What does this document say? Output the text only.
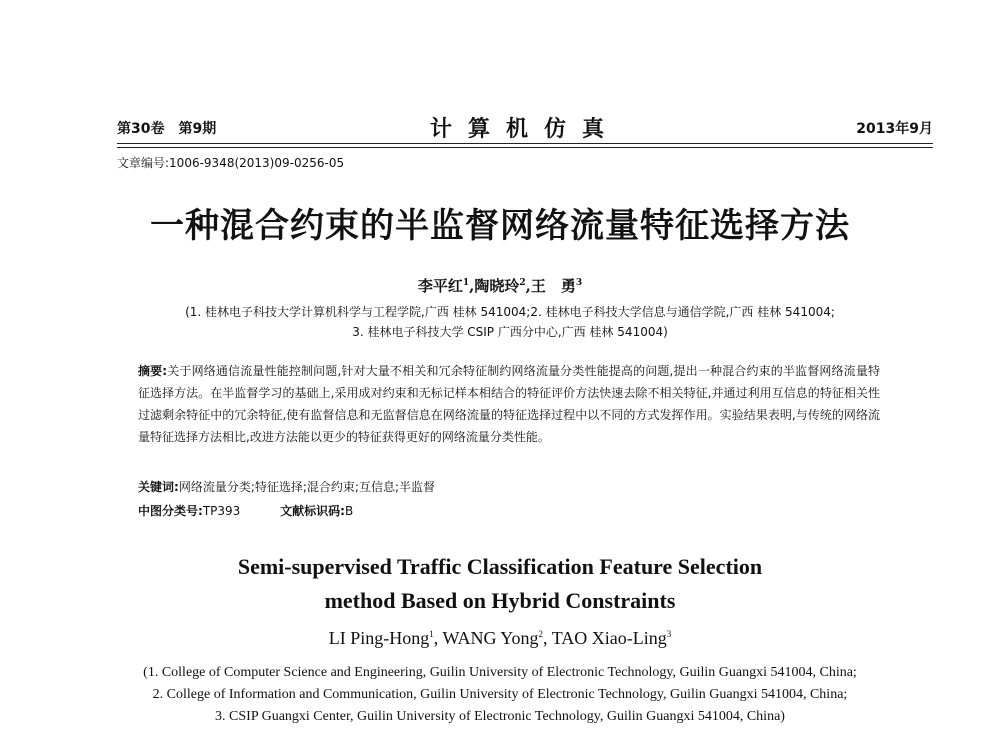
第30卷　第9期	计算机仿真	2013年9月
文章编号:1006-9348(2013)09-0256-05
一种混合约束的半监督网络流量特征选择方法
李平红$^1$,陶晓玲$^2$,王　勇$^3$
(1. 桂林电子科技大学计算机科学与工程学院,广西 桂林 541004;2. 桂林电子科技大学信息与通信学院,广西 桂林 541004;
3. 桂林电子科技大学 CSIP 广西分中心,广西 桂林 541004)
摘要:关于网络通信流量性能控制问题,针对大量不相关和冗余特征制约网络流量分类性能提高的问题,提出一种混合约束的半监督网络流量特征选择方法。在半监督学习的基础上,采用成对约束和无标记样本相结合的特征评价方法快速去除不相关特征,并通过利用互信息的特征相关性过滤剩余特征中的冗余特征,使有监督信息和无监督信息在网络流量的特征选择过程中以不同的方式发挥作用。实验结果表明,与传统的网络流量特征选择方法相比,改进方法能以更少的特征获得更好的网络流量分类性能。
关键词:网络流量分类;特征选择;混合约束;互信息;半监督
中图分类号:TP393	文献标识码:B
Semi-supervised Traffic Classification Feature Selection
method Based on Hybrid Constraints
LI Ping-Hong$^1$, WANG Yong$^2$, TAO Xiao-Ling$^3$
(1. College of Computer Science and Engineering, Guilin University of Electronic Technology, Guilin Guangxi 541004, China;
2. College of Information and Communication, Guilin University of Electronic Technology, Guilin Guangxi 541004, China;
3. CSIP Guangxi Center, Guilin University of Electronic Technology, Guilin Guangxi 541004, China)
